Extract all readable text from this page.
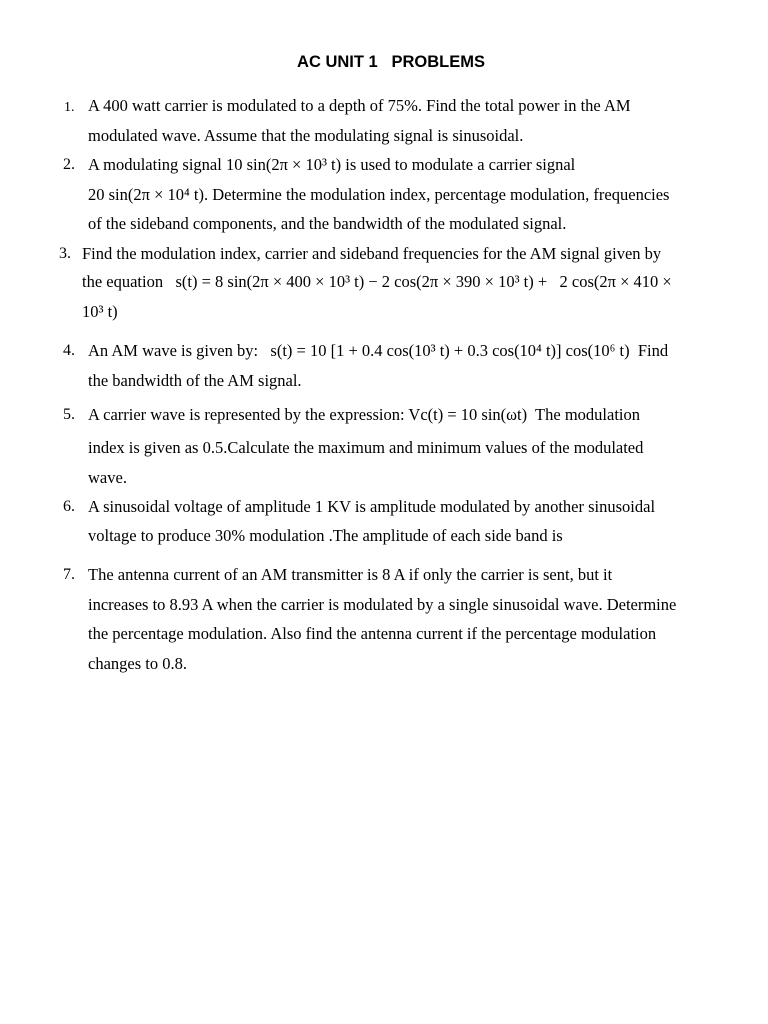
AC UNIT 1   PROBLEMS
1. A 400 watt carrier is modulated to a depth of 75%. Find the total power in the AM
modulated wave. Assume that the modulating signal is sinusoidal.
2. A modulating signal 10 sin(2π × 10³ t) is used to modulate a carrier signal
20 sin(2π × 10⁴ t). Determine the modulation index, percentage modulation, frequencies
of the sideband components, and the bandwidth of the modulated signal.
3. Find the modulation index, carrier and sideband frequencies for the AM signal given by
the equation   s(t) = 8 sin(2π × 400 × 10³ t) − 2 cos(2π × 390 × 10³ t) +   2 cos(2π × 410 ×
10³ t)
4. An AM wave is given by:   s(t) = 10 [1 + 0.4 cos(10³ t) + 0.3 cos(10⁴ t)] cos(10⁶ t)  Find
the bandwidth of the AM signal.
5. A carrier wave is represented by the expression: Vc(t) = 10 sin(ωt)  The modulation
index is given as 0.5.Calculate the maximum and minimum values of the modulated
wave.
6. A sinusoidal voltage of amplitude 1 KV is amplitude modulated by another sinusoidal
voltage to produce 30% modulation .The amplitude of each side band is
7. The antenna current of an AM transmitter is 8 A if only the carrier is sent, but it
increases to 8.93 A when the carrier is modulated by a single sinusoidal wave. Determine
the percentage modulation. Also find the antenna current if the percentage modulation
changes to 0.8.
